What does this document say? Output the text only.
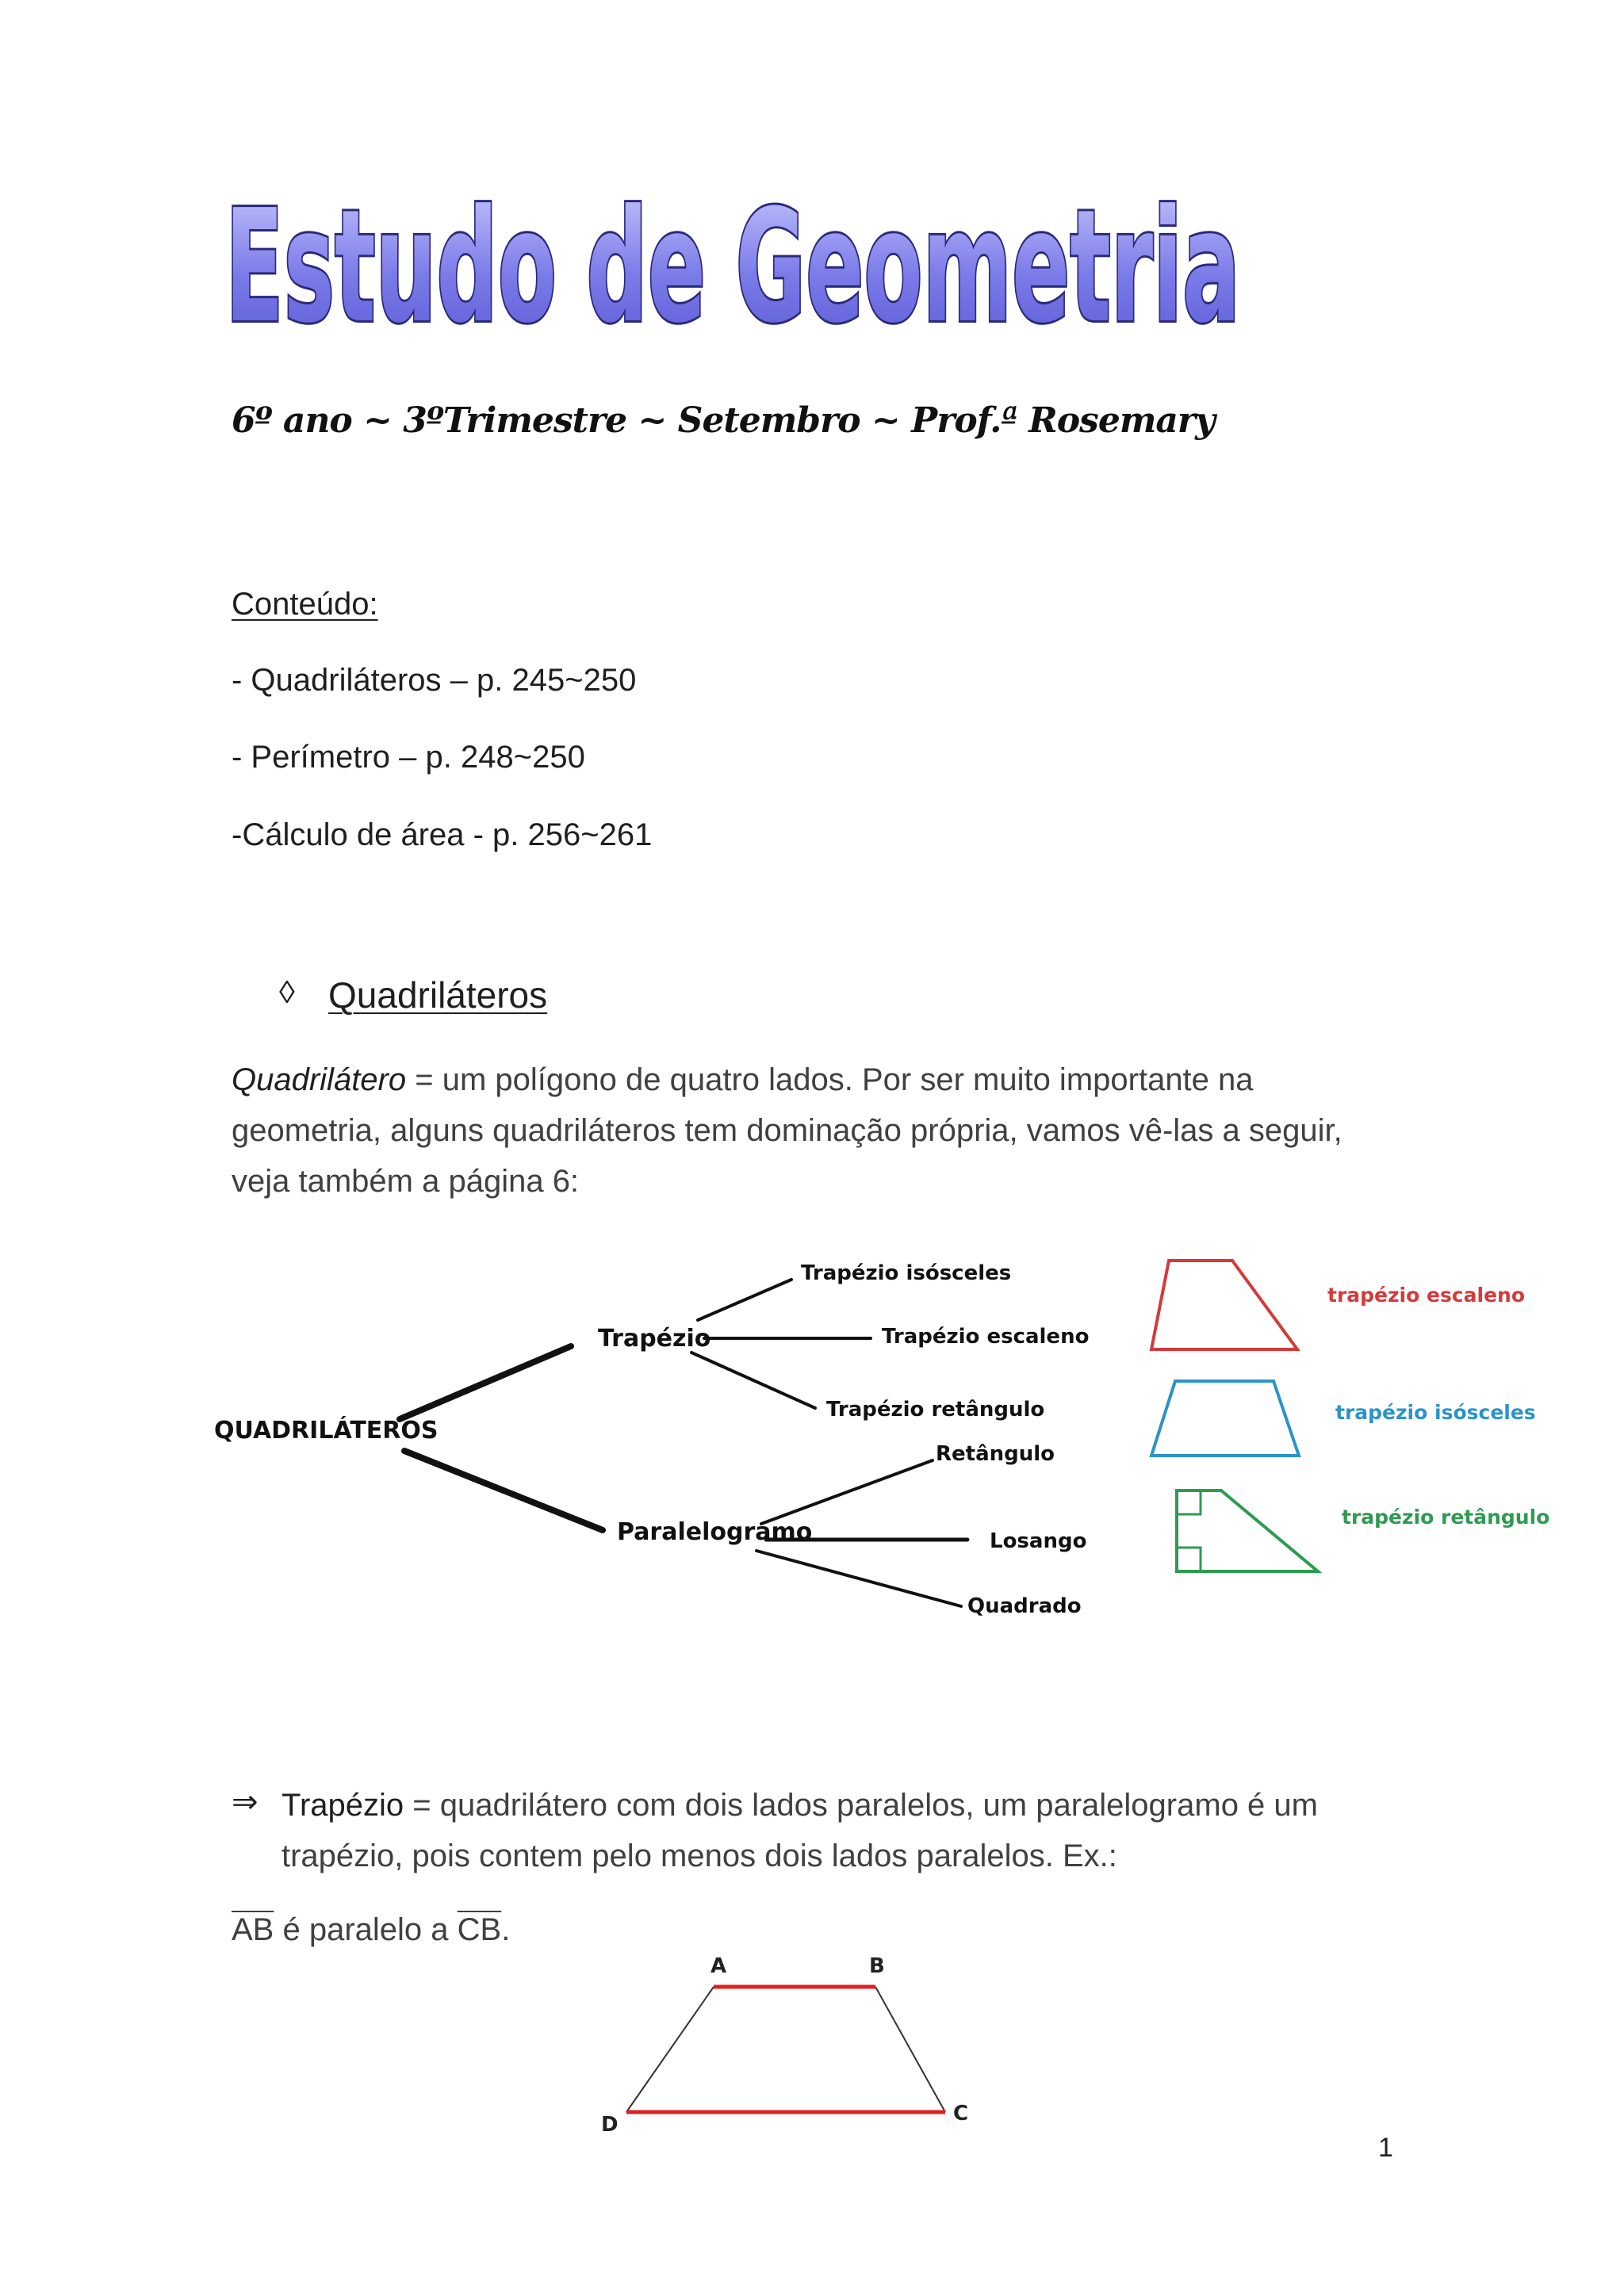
Estudo de Geometria
6º ano ~ 3ºTrimestre ~ Setembro ~ Prof.ª Rosemary
Conteúdo:
- Quadriláteros – p. 245~250
- Perímetro – p. 248~250
-Cálculo de área - p. 256~261
◊ Quadriláteros
Quadrilátero = um polígono de quatro lados. Por ser muito importante na geometria, alguns quadriláteros tem dominação própria, vamos vê-las a seguir, veja também a página 6:
QUADRILÁTEROS
Trapézio
Paralelogramo
Trapézio isósceles
Trapézio escaleno
Trapézio retângulo
Retângulo
Losango
Quadrado
trapézio escaleno
trapézio isósceles
trapézio retângulo
⇒ Trapézio = quadrilátero com dois lados paralelos, um paralelogramo é um trapézio, pois contem pelo menos dois lados paralelos. Ex.:
$\overline{AB}$ é paralelo a $\overline{CB}$.
A	B
C
D
1
